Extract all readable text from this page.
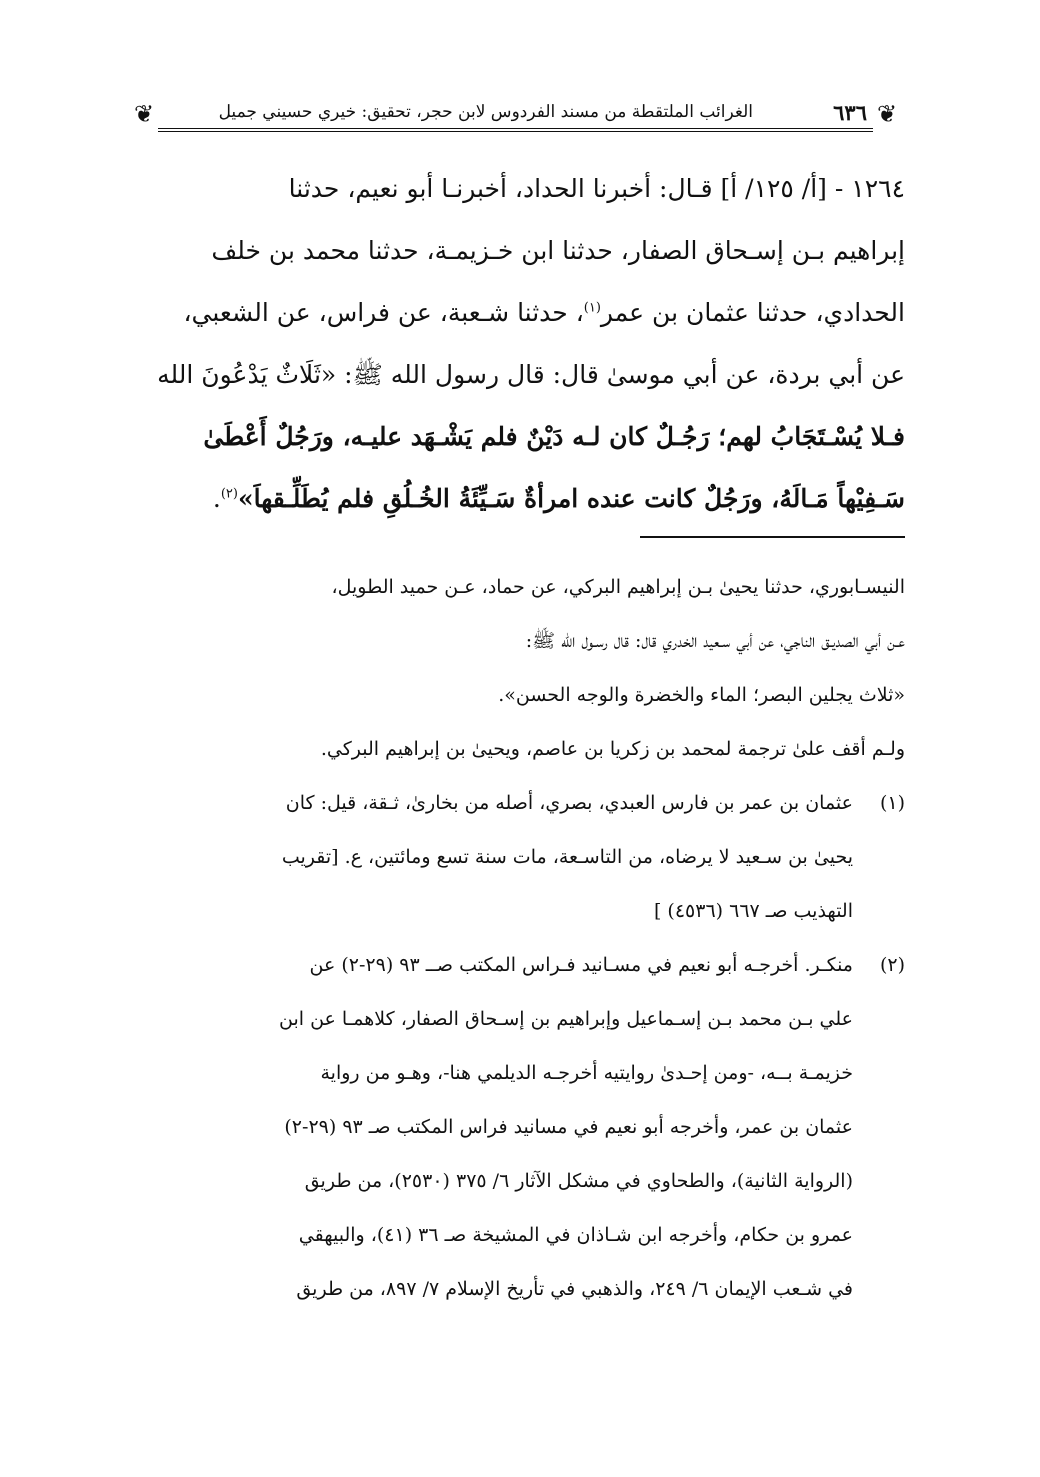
❦
٦٣٦
الغرائب الملتقطة من مسند الفردوس لابن حجر، تحقيق: خيري حسيني جميل
❦
١٢٦٤ - [أ/ ١٢٥/ أ] قـال: أخبرنا الحداد، أخبرنـا أبو نعيم، حدثنا
إبراهيم بـن إسـحاق الصفار، حدثنا ابن خـزيمـة، حدثنا محمد بن خلف
الحدادي، حدثنا عثمان بن عمر$^{(١)}$، حدثنا شـعبة، عن فراس، عن الشعبي،
عن أبي بردة، عن أبي موسىٰ قال: قال رسول الله ﷺ: «ثَلَاثٌ يَدْعُونَ الله
فـلا يُسْـتَجَابُ لهم؛ رَجُـلٌ كان لـه دَيْنٌ فلم يَشْـهَد عليـه، ورَجُلٌ أَعْطَىٰ
سَـفِيْهاً مَـالَهُ، ورَجُلٌ كانت عنده امرأةٌ سَـيِّئَةُ الخُـلُقِ فلم يُطَلِّـقهاَ»$^{(٢)}$.
النيسـابوري، حدثنا يحيىٰ بـن إبراهيم البركي، عن حماد، عـن حميد الطويل،
عـن أبي الصديـق الناجي، عن أبي سـعيد الخدري قال: قال رسـول الله ﷺ:
«ثلاث يجلين البصر؛ الماء والخضرة والوجه الحسن».
ولـم أقف علىٰ ترجمة لمحمد بن زكريا بن عاصم، ويحيىٰ بن إبراهيم البركي.
(١)عثمان بن عمر بن فارس العبدي، بصري، أصله من بخارىٰ، ثـقة، قيل: كان
يحيىٰ بن سـعيد لا يرضاه، من التاسـعة، مات سنة تسع ومائتين، ع. [تقريب
التهذيب صـ ٦٦٧ (٤٥٣٦) ]
(٢)منكـر. أخرجـه أبو نعيم في مسـانيد فـراس المكتب صــ ٩٣ (٢٩-٢) عن
علي بـن محمد بـن إسـماعيل وإبراهيم بن إسـحاق الصفار، كلاهمـا عن ابن
خزيمـة بــه، -ومن إحـدىٰ روايتيه أخرجـه الديلمي هنا-، وهـو من رواية
عثمان بن عمر، وأخرجه أبو نعيم في مسانيد فراس المكتب صـ ٩٣ (٢٩-٢)
(الرواية الثانية)، والطحاوي في مشكل الآثار ٦/ ٣٧٥ (٢٥٣٠)، من طريق
عمرو بن حكام، وأخرجه ابن شـاذان في المشيخة صـ ٣٦ (٤١)، والبيهقي
في شـعب الإيمان ٦/ ٢٤٩، والذهبي في تأريخ الإسلام ٧/ ٨٩٧، من طريق
